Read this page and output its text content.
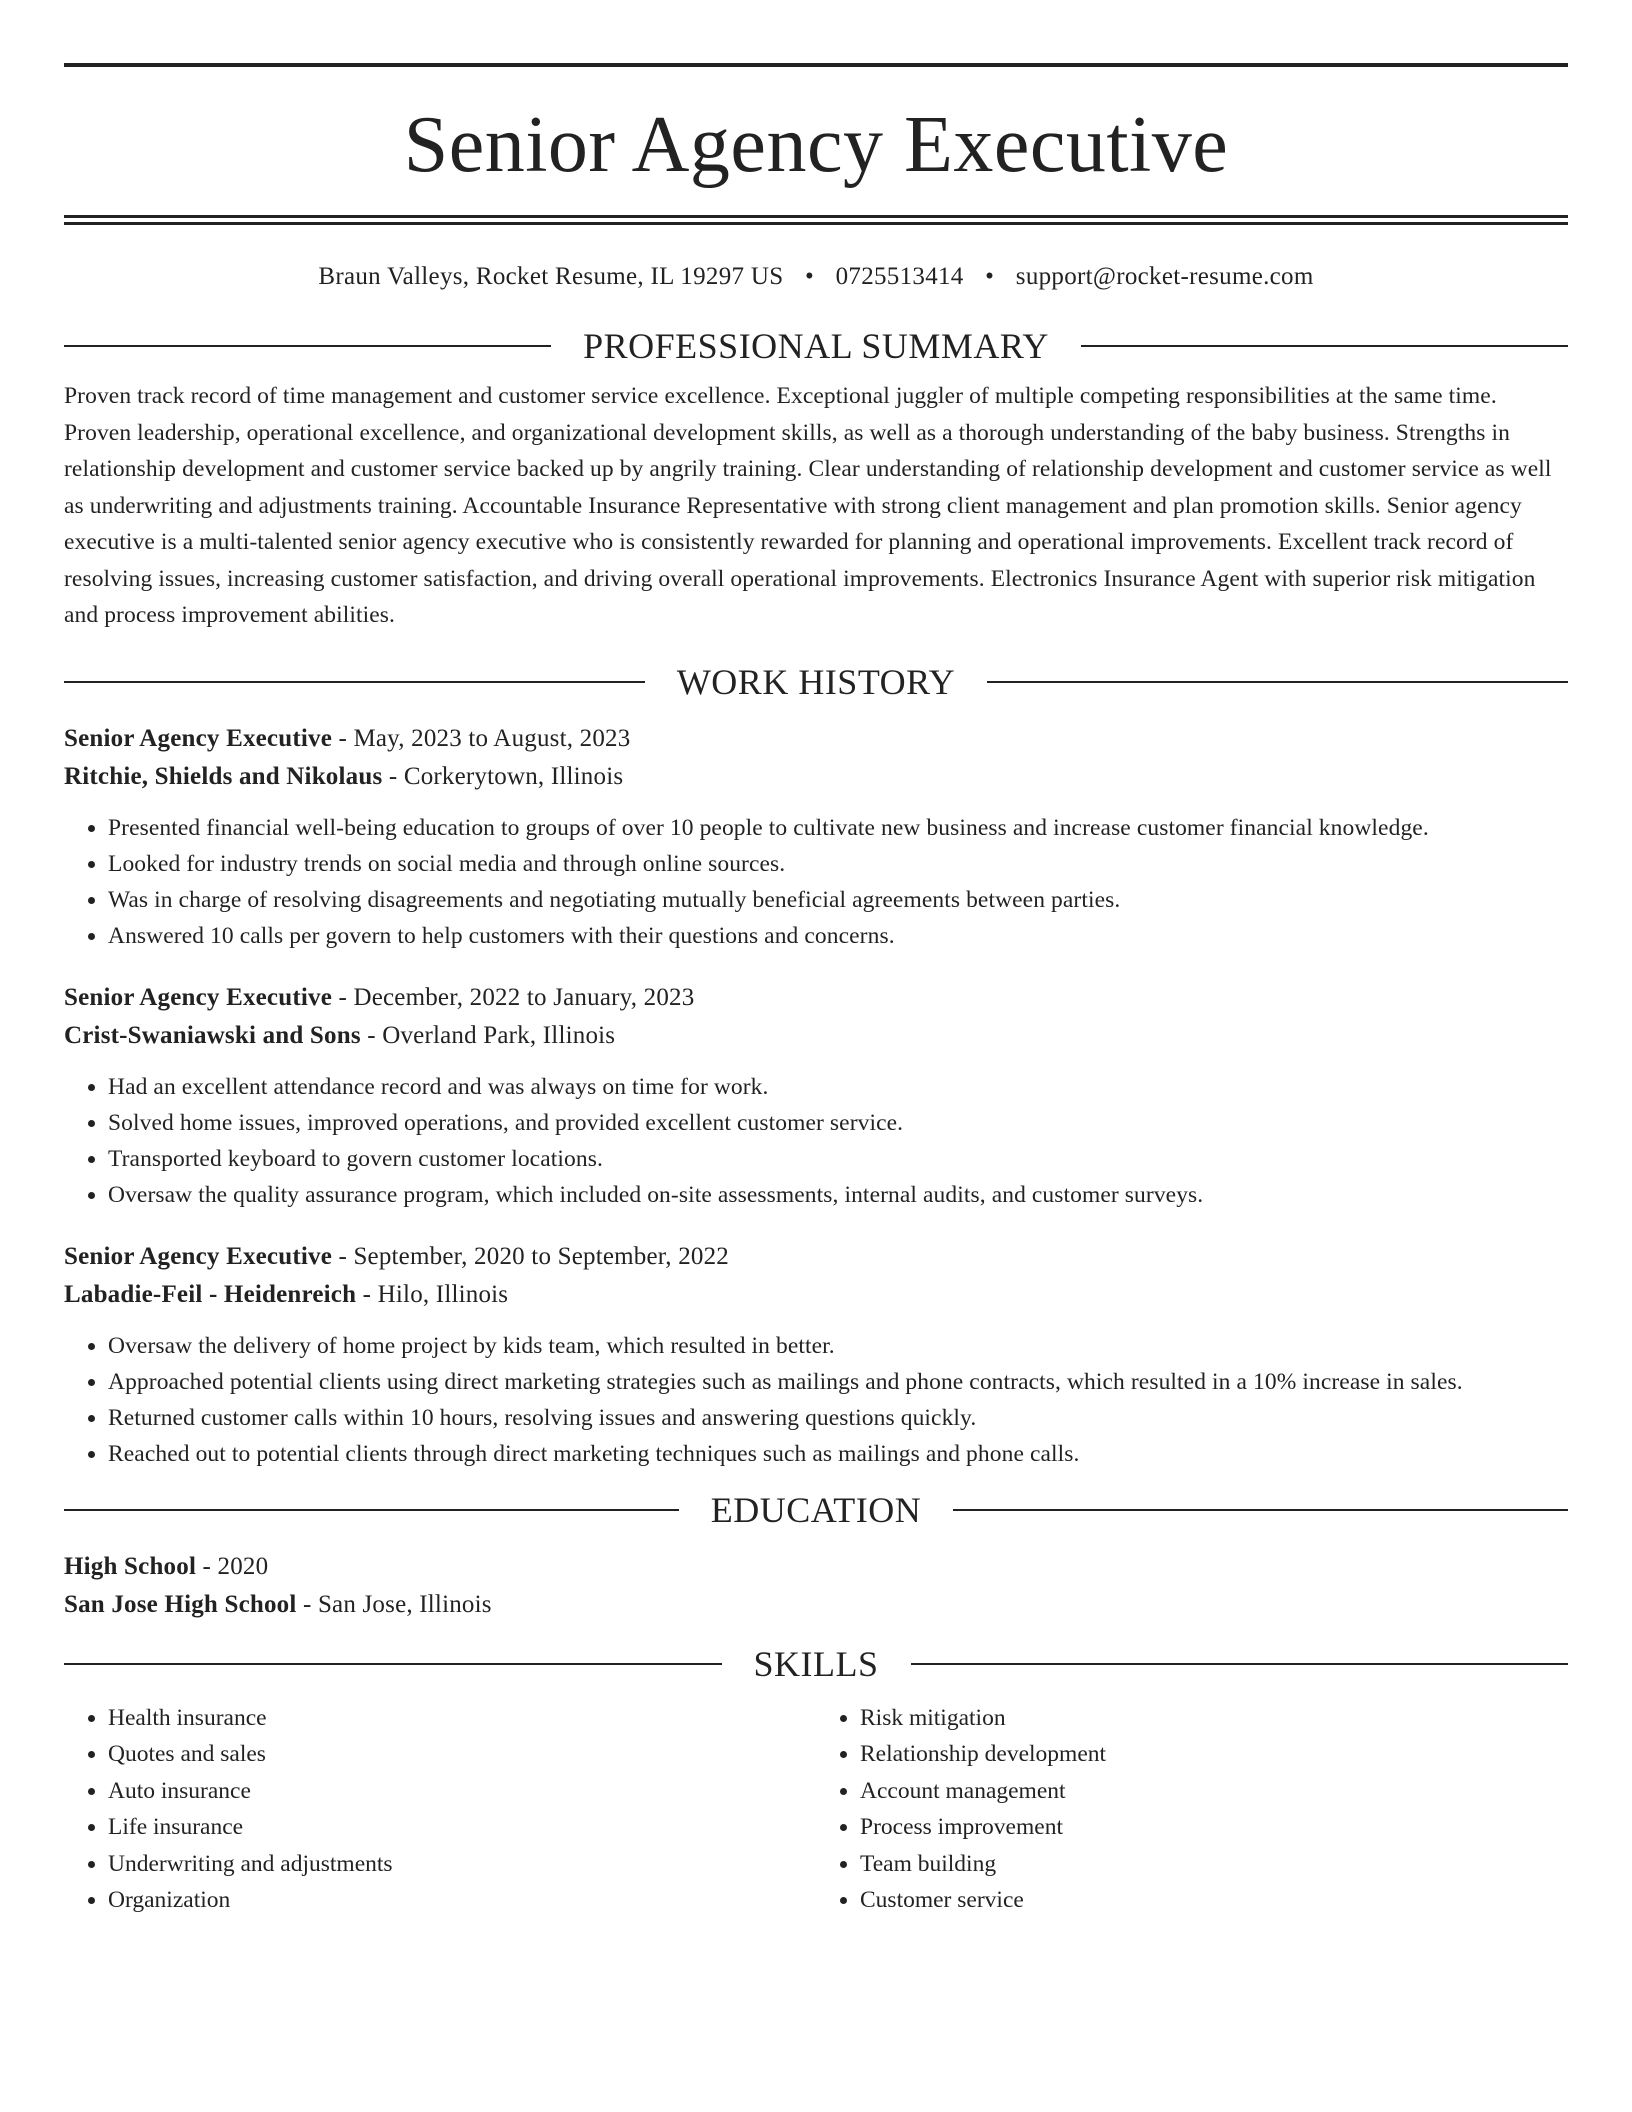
Senior Agency Executive
Braun Valleys, Rocket Resume, IL 19297 US • 0725513414 • support@rocket-resume.com
PROFESSIONAL SUMMARY
Proven track record of time management and customer service excellence. Exceptional juggler of multiple competing responsibilities at the same time. Proven leadership, operational excellence, and organizational development skills, as well as a thorough understanding of the baby business. Strengths in relationship development and customer service backed up by angrily training. Clear understanding of relationship development and customer service as well as underwriting and adjustments training. Accountable Insurance Representative with strong client management and plan promotion skills. Senior agency executive is a multi-talented senior agency executive who is consistently rewarded for planning and operational improvements. Excellent track record of resolving issues, increasing customer satisfaction, and driving overall operational improvements. Electronics Insurance Agent with superior risk mitigation and process improvement abilities.
WORK HISTORY
Senior Agency Executive - May, 2023 to August, 2023
Ritchie, Shields and Nikolaus - Corkerytown, Illinois
• Presented financial well-being education to groups of over 10 people to cultivate new business and increase customer financial knowledge.
• Looked for industry trends on social media and through online sources.
• Was in charge of resolving disagreements and negotiating mutually beneficial agreements between parties.
• Answered 10 calls per govern to help customers with their questions and concerns.
Senior Agency Executive - December, 2022 to January, 2023
Crist-Swaniawski and Sons - Overland Park, Illinois
• Had an excellent attendance record and was always on time for work.
• Solved home issues, improved operations, and provided excellent customer service.
• Transported keyboard to govern customer locations.
• Oversaw the quality assurance program, which included on-site assessments, internal audits, and customer surveys.
Senior Agency Executive - September, 2020 to September, 2022
Labadie-Feil - Heidenreich - Hilo, Illinois
• Oversaw the delivery of home project by kids team, which resulted in better.
• Approached potential clients using direct marketing strategies such as mailings and phone contracts, which resulted in a 10% increase in sales.
• Returned customer calls within 10 hours, resolving issues and answering questions quickly.
• Reached out to potential clients through direct marketing techniques such as mailings and phone calls.
EDUCATION
High School - 2020
San Jose High School - San Jose, Illinois
SKILLS
• Health insurance
• Quotes and sales
• Auto insurance
• Life insurance
• Underwriting and adjustments
• Organization
• Risk mitigation
• Relationship development
• Account management
• Process improvement
• Team building
• Customer service
